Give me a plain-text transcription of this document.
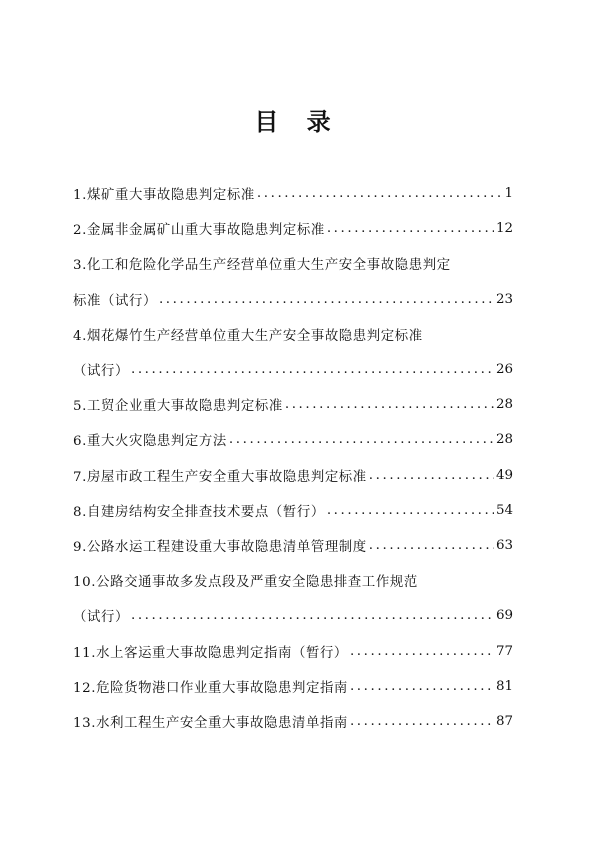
目 录
1.煤矿重大事故隐患判定标准 .....	1
2.金属非金属矿山重大事故隐患判定标准 .....	12
3.化工和危险化学品生产经营单位重大生产安全事故隐患判定
标准（试行） .....	23
4.烟花爆竹生产经营单位重大生产安全事故隐患判定标准
（试行） .....	26
5.工贸企业重大事故隐患判定标准 .....	28
6.重大火灾隐患判定方法 .....	28
7.房屋市政工程生产安全重大事故隐患判定标准 .....	49
8.自建房结构安全排查技术要点（暂行） .....	54
9.公路水运工程建设重大事故隐患清单管理制度 .....	63
10.公路交通事故多发点段及严重安全隐患排查工作规范
（试行） .....	69
11.水上客运重大事故隐患判定指南（暂行） .....	77
12.危险货物港口作业重大事故隐患判定指南 .....	81
13.水利工程生产安全重大事故隐患清单指南 .....	87
